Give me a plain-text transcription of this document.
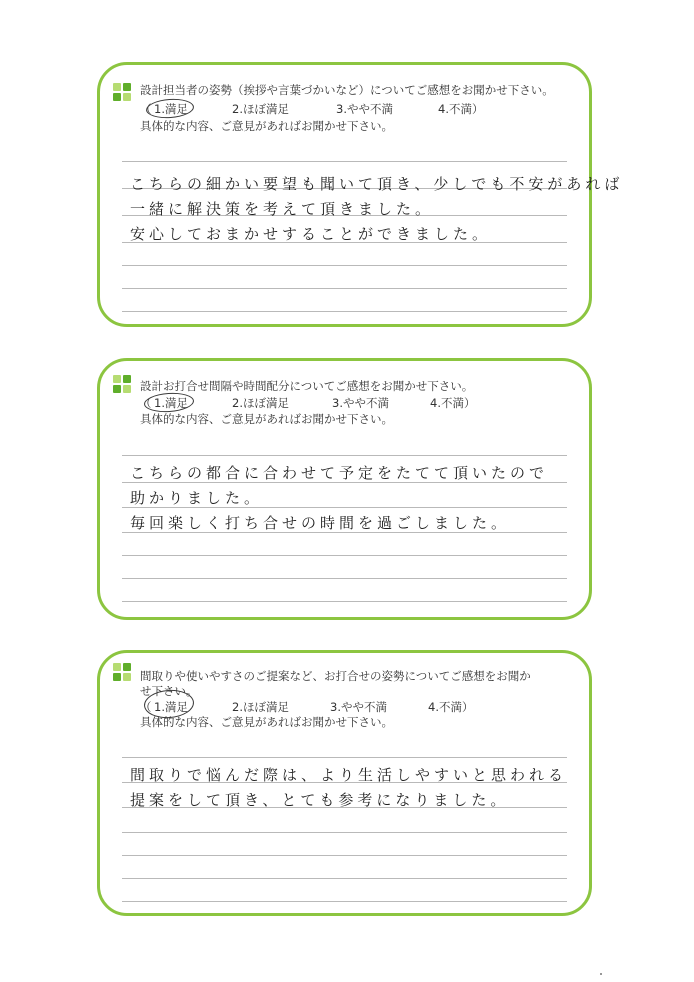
設計担当者の姿勢（挨拶や言葉づかいなど）についてご感想をお聞かせ下さい。
（ 1.満足	2.ほぼ満足	3.やや不満	4.不満）
具体的な内容、ご意見があればお聞かせ下さい。
こちらの細かい要望も聞いて頂き、少しでも不安があれば
一緒に解決策を考えて頂きました。
安心しておまかせすることができました。
設計お打合せ間隔や時間配分についてご感想をお聞かせ下さい。
（ 1.満足	2.ほぼ満足	3.やや不満	4.不満）
具体的な内容、ご意見があればお聞かせ下さい。
こちらの都合に合わせて予定をたてて頂いたので
助かりました。
毎回楽しく打ち合せの時間を過ごしました。
間取りや使いやすさのご提案など、お打合せの姿勢についてご感想をお聞か
せ下さい。
（ 1.満足	2.ほぼ満足	3.やや不満	4.不満）
具体的な内容、ご意見があればお聞かせ下さい。
間取りで悩んだ際は、より生活しやすいと思われる
提案をして頂き、とても参考になりました。
